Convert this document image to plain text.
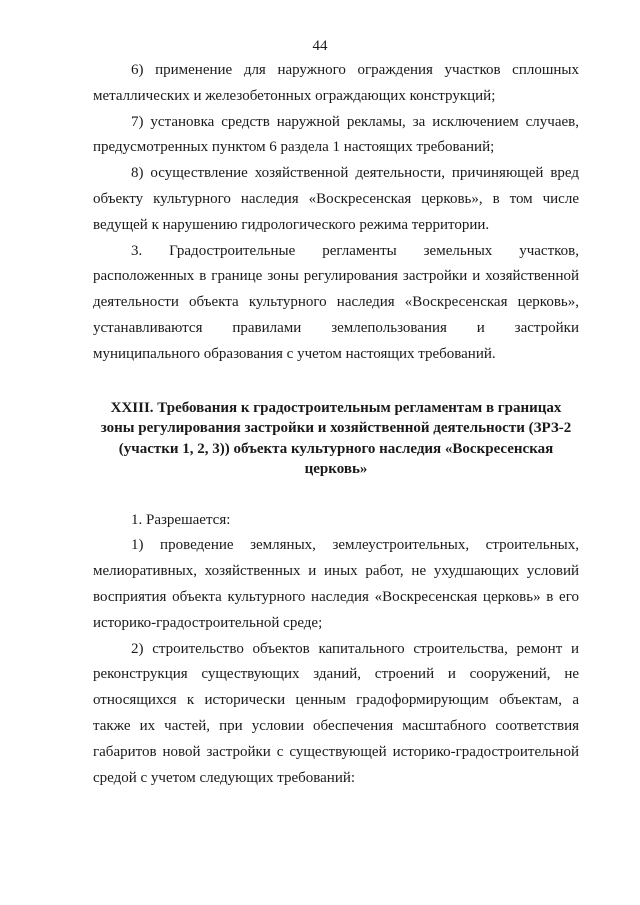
44

6) применение для наружного ограждения участков сплошных металлических и железобетонных ограждающих конструкций;

7) установка средств наружной рекламы, за исключением случаев, предусмотренных пунктом 6 раздела 1 настоящих требований;

8) осуществление хозяйственной деятельности, причиняющей вред объекту культурного наследия «Воскресенская церковь», в том числе ведущей к нарушению гидрологического режима территории.

3. Градостроительные регламенты земельных участков, расположенных в границе зоны регулирования застройки и хозяйственной деятельности объекта культурного наследия «Воскресенская церковь», устанавливаются правилами землепользования и застройки муниципального образования с учетом настоящих требований.

XXIII. Требования к градостроительным регламентам в границах зоны регулирования застройки и хозяйственной деятельности (ЗРЗ-2 (участки 1, 2, 3)) объекта культурного наследия «Воскресенская церковь»

1. Разрешается:

1) проведение земляных, землеустроительных, строительных, мелиоративных, хозяйственных и иных работ, не ухудшающих условий восприятия объекта культурного наследия «Воскресенская церковь» в его историко-градостроительной среде;

2) строительство объектов капитального строительства, ремонт и реконструкция существующих зданий, строений и сооружений, не относящихся к исторически ценным градоформирующим объектам, а также их частей, при условии обеспечения масштабного соответствия габаритов новой застройки с существующей историко-градостроительной средой с учетом следующих требований:
